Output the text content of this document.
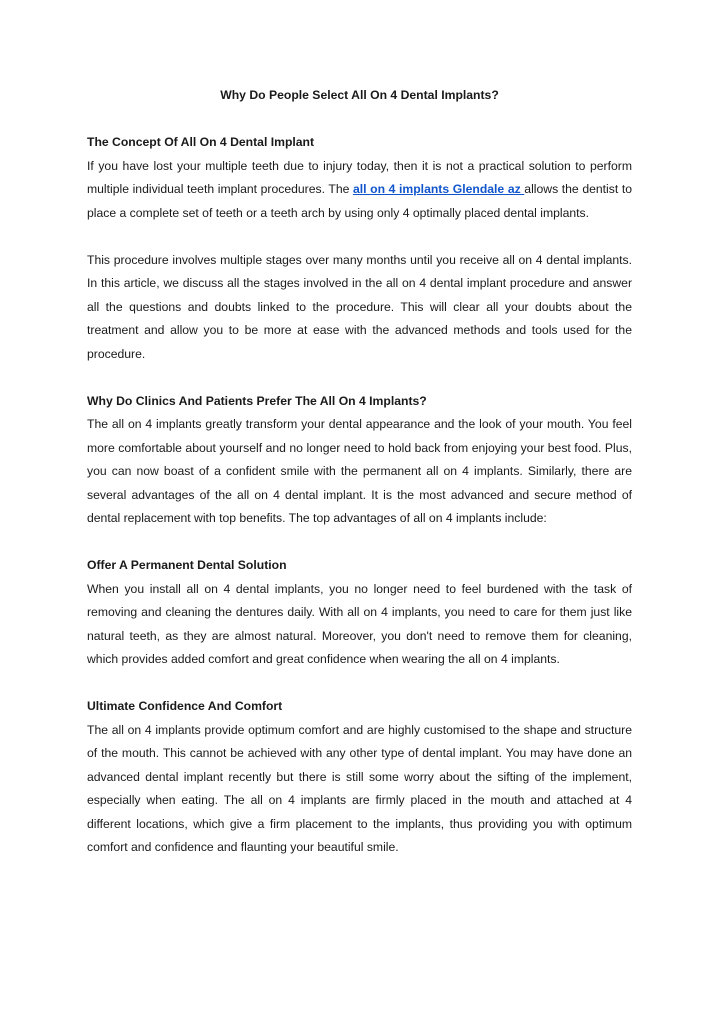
Why Do People Select All On 4 Dental Implants?
The Concept Of All On 4 Dental Implant

If you have lost your multiple teeth due to injury today, then it is not a practical solution to perform multiple individual teeth implant procedures. The all on 4 implants Glendale az allows the dentist to place a complete set of teeth or a teeth arch by using only 4 optimally placed dental implants.

This procedure involves multiple stages over many months until you receive all on 4 dental implants. In this article, we discuss all the stages involved in the all on 4 dental implant procedure and answer all the questions and doubts linked to the procedure. This will clear all your doubts about the treatment and allow you to be more at ease with the advanced methods and tools used for the procedure.

Why Do Clinics And Patients Prefer The All On 4 Implants?

The all on 4 implants greatly transform your dental appearance and the look of your mouth. You feel more comfortable about yourself and no longer need to hold back from enjoying your best food. Plus, you can now boast of a confident smile with the permanent all on 4 implants. Similarly, there are several advantages of the all on 4 dental implant. It is the most advanced and secure method of dental replacement with top benefits. The top advantages of all on 4 implants include:

Offer A Permanent Dental Solution

When you install all on 4 dental implants, you no longer need to feel burdened with the task of removing and cleaning the dentures daily. With all on 4 implants, you need to care for them just like natural teeth, as they are almost natural. Moreover, you don't need to remove them for cleaning, which provides added comfort and great confidence when wearing the all on 4 implants.

Ultimate Confidence And Comfort

The all on 4 implants provide optimum comfort and are highly customised to the shape and structure of the mouth. This cannot be achieved with any other type of dental implant. You may have done an advanced dental implant recently but there is still some worry about the sifting of the implement, especially when eating. The all on 4 implants are firmly placed in the mouth and attached at 4 different locations, which give a firm placement to the implants, thus providing you with optimum comfort and confidence and flaunting your beautiful smile.
